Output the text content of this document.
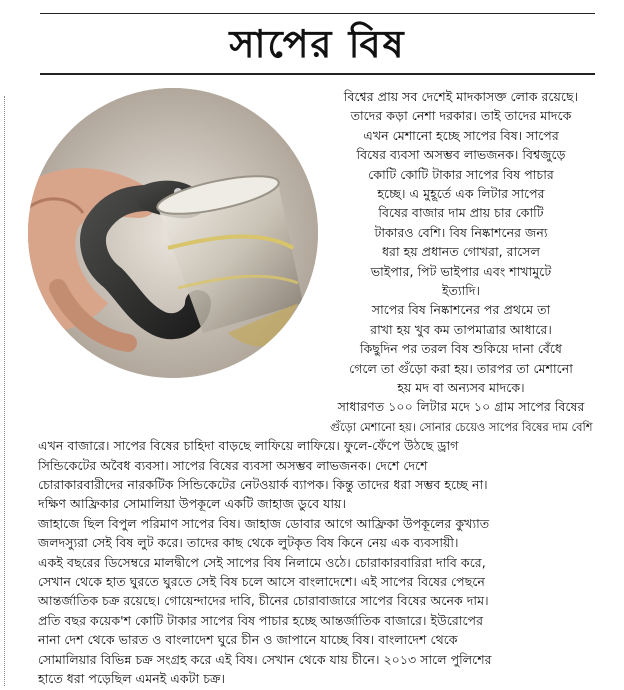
সাপের বিষ
বিশ্বের প্রায় সব দেশেই মাদকাসক্ত লোক রয়েছে।
তাদের কড়া নেশা দরকার। তাই তাদের মাদকে
এখন মেশানো হচ্ছে সাপের বিষ। সাপের
বিষের ব্যবসা অসম্ভব লাভজনক। বিশ্বজুড়ে
কোটি কোটি টাকার সাপের বিষ পাচার
হচ্ছে। এ মুহূর্তে এক লিটার সাপের
বিষের বাজার দাম প্রায় চার কোটি
টাকারও বেশি। বিষ নিষ্কাশনের জন্য
ধরা হয় প্রধানত গোখরা, রাসেল
ভাইপার, পিট ভাইপার এবং শাখামুটে
ইত্যাদি।
সাপের বিষ নিষ্কাশনের পর প্রথমে তা
রাখা হয় খুব কম তাপমাত্রার আধারে।
কিছুদিন পর তরল বিষ শুকিয়ে দানা বেঁধে
গেলে তা গুঁড়ো করা হয়। তারপর তা মেশানো
হয় মদ বা অন্যসব মাদকে।
সাধারণত ১০০ লিটার মদে ১০ গ্রাম সাপের বিষের
গুঁড়ো মেশানো হয়। সোনার চেয়েও সাপের বিষের দাম বেশি
এখন বাজারে। সাপের বিষের চাহিদা বাড়ছে লাফিয়ে লাফিয়ে। ফুলে-ফেঁপে উঠছে ড্রাগ
সিন্ডিকেটের অবৈধ ব্যবসা। সাপের বিষের ব্যবসা অসম্ভব লাভজনক। দেশে দেশে
চোরাকারবারীদের নারকটিক সিন্ডিকেটের নেটওয়ার্ক ব্যাপক। কিন্তু তাদের ধরা সম্ভব হচ্ছে না।
দক্ষিণ আফ্রিকার সোমালিয়া উপকূলে একটি জাহাজ ডুবে যায়।
জাহাজে ছিল বিপুল পরিমাণ সাপের বিষ। জাহাজ ডোবার আগে আফ্রিকা উপকূলের কুখ্যাত
জলদস্যুরা সেই বিষ লুট করে। তাদের কাছ থেকে লুটকৃত বিষ কিনে নেয় এক ব্যবসায়ী।
একই বছরের ডিসেম্বরে মালদ্বীপে সেই সাপের বিষ নিলামে ওঠে। চোরাকারবারিরা দাবি করে,
সেখান থেকে হাত ঘুরতে ঘুরতে সেই বিষ চলে আসে বাংলাদেশে। এই সাপের বিষের পেছনে
আন্তর্জাতিক চক্র রয়েছে। গোয়েন্দাদের দাবি, চীনের চোরাবাজারে সাপের বিষের অনেক দাম।
প্রতি বছর কয়েক'শ কোটি টাকার সাপের বিষ পাচার হচ্ছে আন্তর্জাতিক বাজারে। ইউরোপের
নানা দেশ থেকে ভারত ও বাংলাদেশ ঘুরে চীন ও জাপানে যাচ্ছে বিষ। বাংলাদেশ থেকে
সোমালিয়ার বিভিন্ন চক্র সংগ্রহ করে এই বিষ। সেখান থেকে যায় চীনে। ২০১৩ সালে পুলিশের
হাতে ধরা পড়েছিল এমনই একটা চক্র।
